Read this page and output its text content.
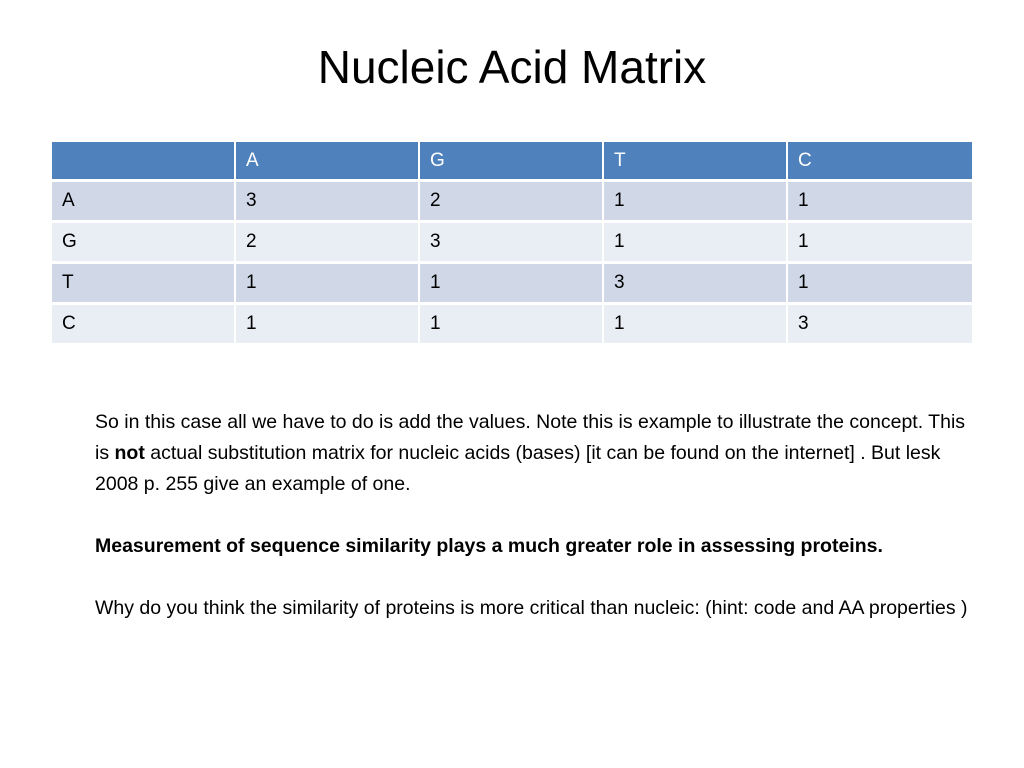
Nucleic Acid Matrix
	A	G	T	C
A	3	2	1	1
G	2	3	1	1
T	1	1	3	1
C	1	1	1	3

So in this case all we have to do is add the values. Note this is example to illustrate the concept. This is not actual substitution matrix for nucleic acids (bases) [it can be found on the internet] . But lesk 2008 p. 255 give an example of one.

Measurement of sequence similarity plays a much greater role in assessing proteins.

Why do you think the similarity of proteins is more critical than nucleic: (hint: code and AA properties )
